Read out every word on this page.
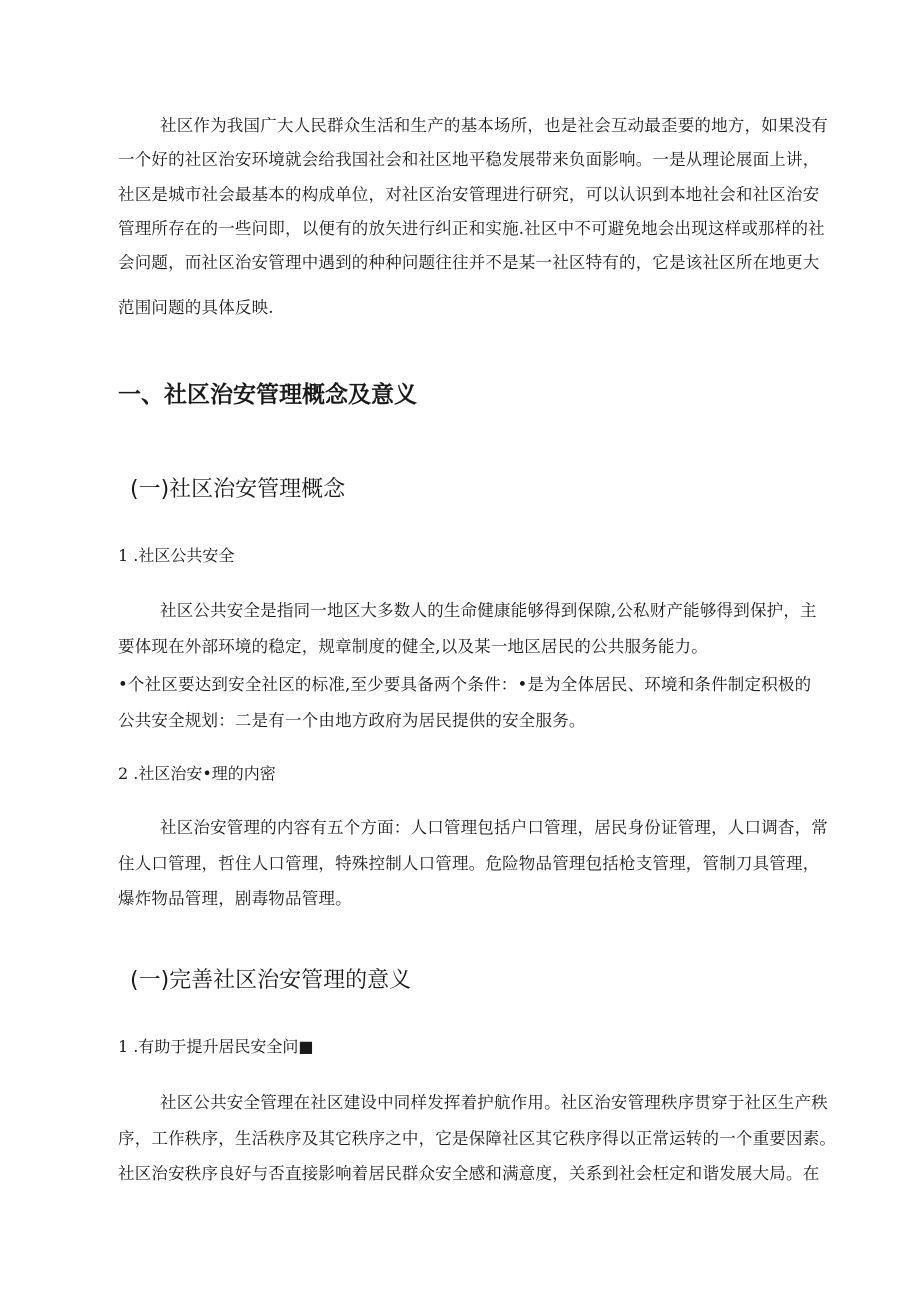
社区作为我国广大人民群众生活和生产的基本场所，也是社会互动最歪要的地方，如果没有
一个好的社区治安环境就会给我国社会和社区地平稳发展带来负面影响。一是从理论展面上讲，
社区是城市社会最基本的构成单位，对社区治安管理进行研究，可以认识到本地社会和社区治安
管理所存在的一些问即，以便有的放矢进行纠正和实施.社区中不可避免地会出现这样或那样的社
会问题，而社区治安管理中遇到的种种问题往往并不是某一社区特有的，它是该社区所在地更大
范围问题的具体反映.
一、社区治安管理概念及意义
(一)社区治安管理概念
1 .社区公共安全
社区公共安全是指同一地区大多数人的生命健康能够得到保隙,公私财产能够得到保护，主
要体现在外部环境的稳定，规章制度的健全,以及某一地区居民的公共服务能力。
•个社区要达到安全社区的标准,至少要具备两个条件：•是为全体居民、环境和条件制定积极的
公共安全规划：二是有一个由地方政府为居民提供的安全服务。
2 .社区治安•理的内密
社区治安管理的内容有五个方面：人口管理包括户口管理，居民身份证管理，人口调杳，常
住人口管理，哲住人口管理，特殊控制人口管理。危险物品管理包括枪支管理，管制刀具管理，
爆炸物品管理，剧毒物品管理。
(一)完善社区治安管理的意义
1 .有助于提升居民安全问■
社区公共安全管理在社区建设中同样发挥着护航作用。社区治安管理秩序贯穿于社区生产秩
序，工作秩序，生活秩序及其它秩序之中，它是保障社区其它秩序得以正常运转的一个重要因素。
社区治安秩序良好与否直接影响着居民群众安全感和满意度，关系到社会枉定和谐发展大局。在
